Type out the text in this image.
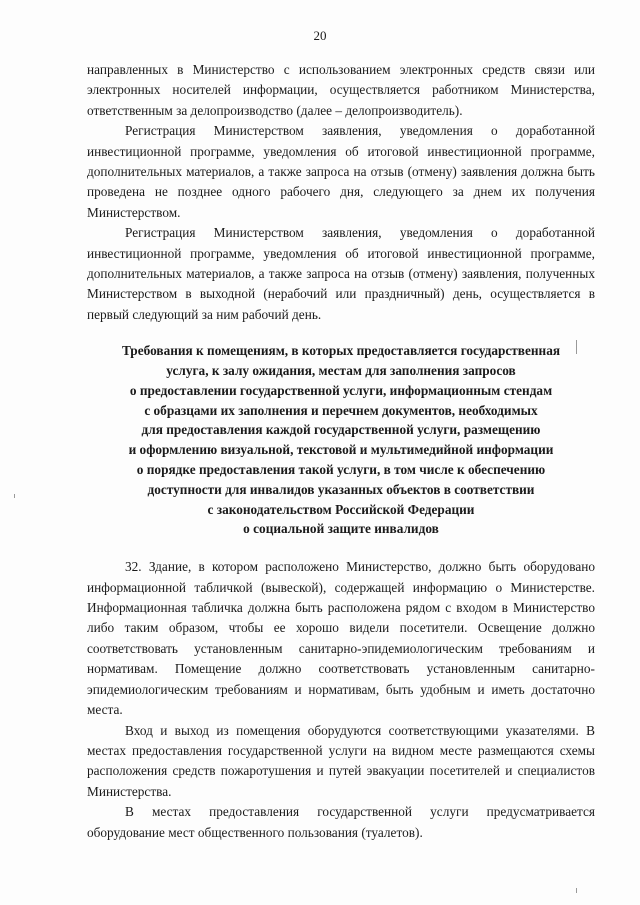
20

направленных в Министерство с использованием электронных средств связи или электронных носителей информации, осуществляется работником Министерства, ответственным за делопроизводство (далее – делопроизводитель).

Регистрация Министерством заявления, уведомления о доработанной инвестиционной программе, уведомления об итоговой инвестиционной программе, дополнительных материалов, а также запроса на отзыв (отмену) заявления должна быть проведена не позднее одного рабочего дня, следующего за днем их получения Министерством.

Регистрация Министерством заявления, уведомления о доработанной инвестиционной программе, уведомления об итоговой инвестиционной программе, дополнительных материалов, а также запроса на отзыв (отмену) заявления, полученных Министерством в выходной (нерабочий или праздничный) день, осуществляется в первый следующий за ним рабочий день.

Требования к помещениям, в которых предоставляется государственная
услуга, к залу ожидания, местам для заполнения запросов
о предоставлении государственной услуги, информационным стендам
с образцами их заполнения и перечнем документов, необходимых
для предоставления каждой государственной услуги, размещению
и оформлению визуальной, текстовой и мультимедийной информации
о порядке предоставления такой услуги, в том числе к обеспечению
доступности для инвалидов указанных объектов в соответствии
с законодательством Российской Федерации
о социальной защите инвалидов

32. Здание, в котором расположено Министерство, должно быть оборудовано информационной табличкой (вывеской), содержащей информацию о Министерстве. Информационная табличка должна быть расположена рядом с входом в Министерство либо таким образом, чтобы ее хорошо видели посетители. Освещение должно соответствовать установленным санитарно-эпидемиологическим требованиям и нормативам. Помещение должно соответствовать установленным санитарно-эпидемиологическим требованиям и нормативам, быть удобным и иметь достаточно места.

Вход и выход из помещения оборудуются соответствующими указателями. В местах предоставления государственной услуги на видном месте размещаются схемы расположения средств пожаротушения и путей эвакуации посетителей и специалистов Министерства.

В местах предоставления государственной услуги предусматривается оборудование мест общественного пользования (туалетов).
